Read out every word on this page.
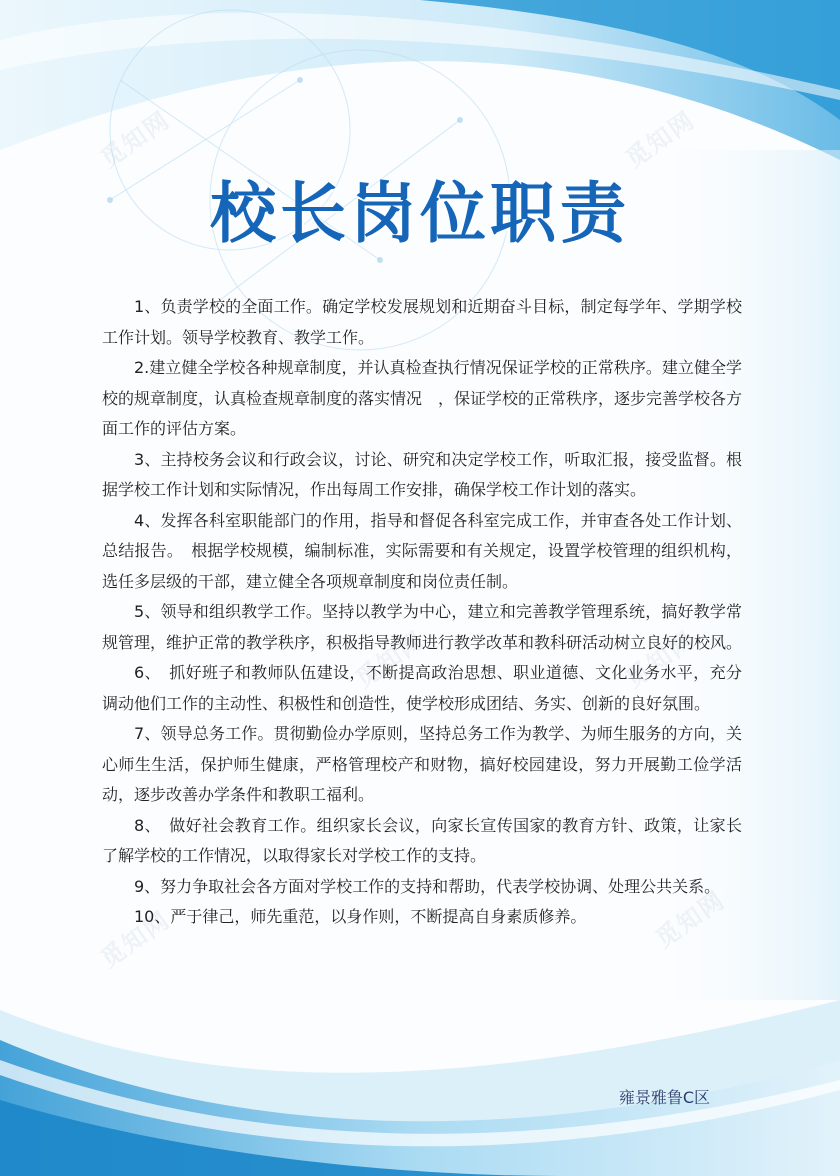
校长岗位职责

1、负责学校的全面工作。确定学校发展规划和近期奋斗目标，制定每学年、学期学校工作计划。领导学校教育、教学工作。

2.建立健全学校各种规章制度，并认真检查执行情况保证学校的正常秩序。建立健全学校的规章制度，认真检查规章制度的落实情况　，保证学校的正常秩序，逐步完善学校各方面工作的评估方案。

3、主持校务会议和行政会议，讨论、研究和决定学校工作，听取汇报，接受监督。根据学校工作计划和实际情况，作出每周工作安排，确保学校工作计划的落实。

4、发挥各科室职能部门的作用，指导和督促各科室完成工作，并审查各处工作计划、总结报告。　根据学校规模，编制标准，实际需要和有关规定，设置学校管理的组织机构，选任多层级的干部，建立健全各项规章制度和岗位责任制。

5、领导和组织教学工作。坚持以教学为中心，建立和完善教学管理系统，搞好教学常规管理，维护正常的教学秩序，积极指导教师进行教学改革和教科研活动树立良好的校风。

6、　抓好班子和教师队伍建设，不断提高政治思想、职业道德、文化业务水平，充分调动他们工作的主动性、积极性和创造性，使学校形成团结、务实、创新的良好氛围。

7、领导总务工作。贯彻勤俭办学原则，坚持总务工作为教学、为师生服务的方向，关心师生生活，保护师生健康，严格管理校产和财物，搞好校园建设，努力开展勤工俭学活动，逐步改善办学条件和教职工福利。

8、　做好社会教育工作。组织家长会议，向家长宣传国家的教育方针、政策，让家长了解学校的工作情况，以取得家长对学校工作的支持。

9、努力争取社会各方面对学校工作的支持和帮助，代表学校协调、处理公共关系。

10、严于律己，师先重范，以身作则，不断提高自身素质修养。

雍景雅鲁C区
